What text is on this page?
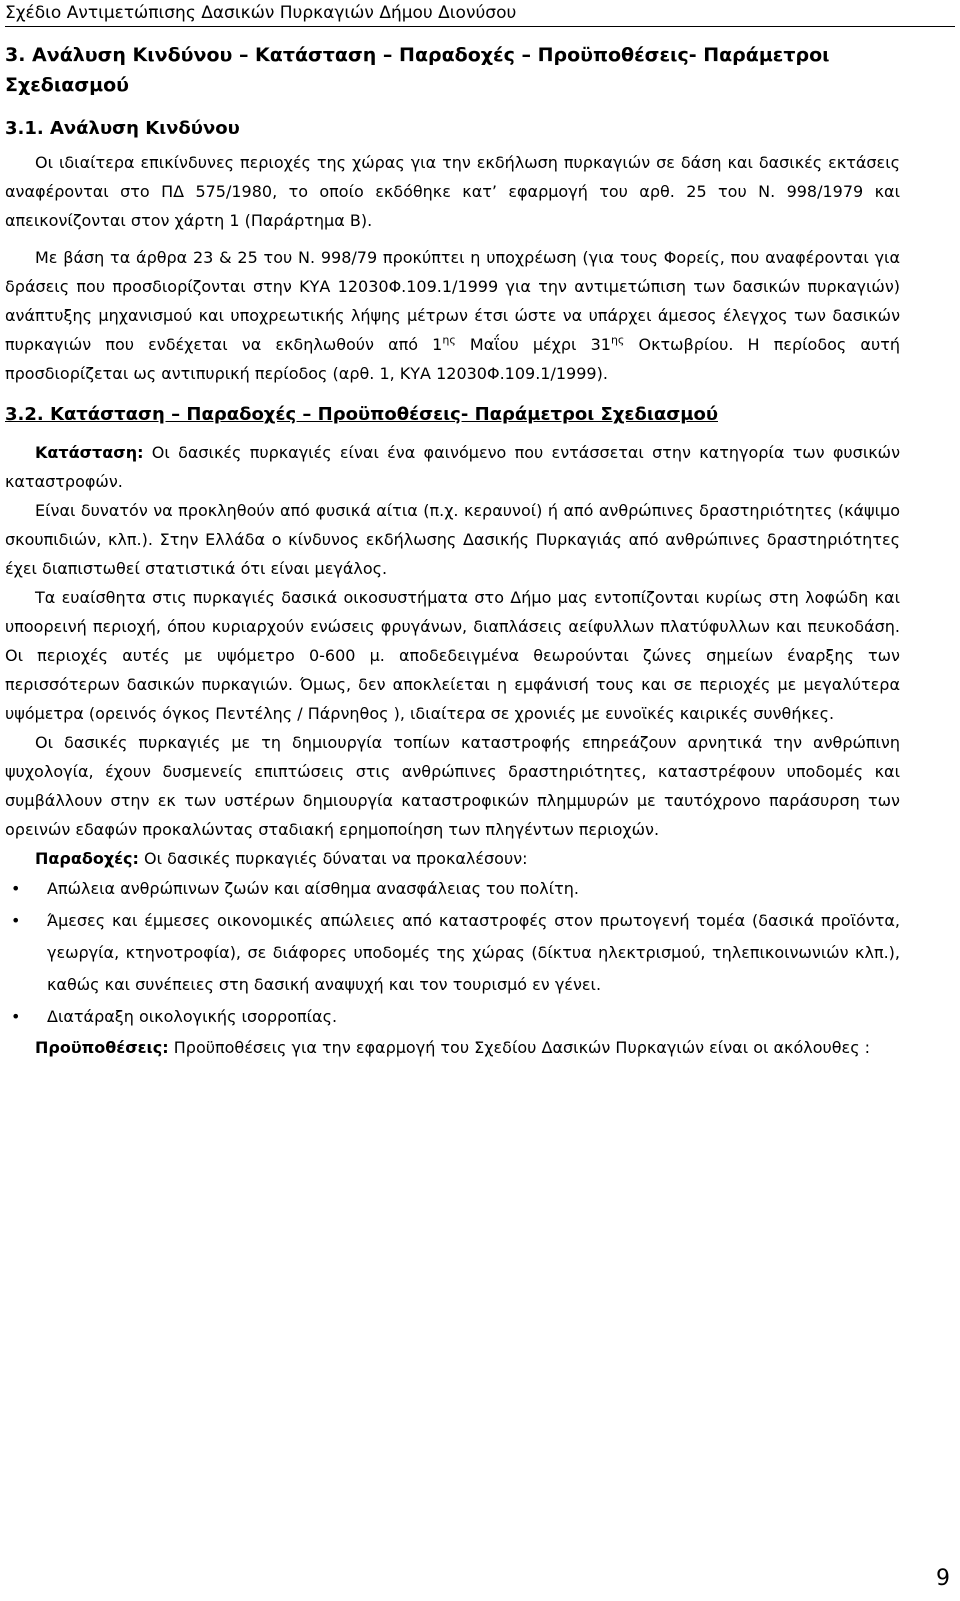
Σχέδιο Αντιμετώπισης Δασικών Πυρκαγιών Δήμου Διονύσου
3. Ανάλυση Κινδύνου – Κατάσταση – Παραδοχές – Προϋποθέσεις- Παράμετροι Σχεδιασμού
3.1. Ανάλυση Κινδύνου

Οι ιδιαίτερα επικίνδυνες περιοχές της χώρας για την εκδήλωση πυρκαγιών σε δάση και δασικές εκτάσεις αναφέρονται στο ΠΔ 575/1980, το οποίο εκδόθηκε κατ’ εφαρμογή του αρθ. 25 του Ν. 998/1979 και απεικονίζονται στον χάρτη 1 (Παράρτημα Β).

Με βάση τα άρθρα 23 & 25 του Ν. 998/79 προκύπτει η υποχρέωση (για τους Φορείς, που αναφέρονται για δράσεις που προσδιορίζονται στην ΚΥΑ 12030Φ.109.1/1999 για την αντιμετώπιση των δασικών πυρκαγιών) ανάπτυξης μηχανισμού και υποχρεωτικής λήψης μέτρων έτσι ώστε να υπάρχει άμεσος έλεγχος των δασικών πυρκαγιών που ενδέχεται να εκδηλωθούν από $1^{\eta\varsigma}$ Μαΐου μέχρι $31^{\eta\varsigma}$ Οκτωβρίου. Η περίοδος αυτή προσδιορίζεται ως αντιπυρική περίοδος (αρθ. 1, ΚΥΑ 12030Φ.109.1/1999).

3.2. Κατάσταση – Παραδοχές – Προϋποθέσεις- Παράμετροι Σχεδιασμού

Κατάσταση: Οι δασικές πυρκαγιές είναι ένα φαινόμενο που εντάσσεται στην κατηγορία των φυσικών καταστροφών.

Είναι δυνατόν να προκληθούν από φυσικά αίτια (π.χ. κεραυνοί) ή από ανθρώπινες δραστηριότητες (κάψιμο σκουπιδιών, κλπ.). Στην Ελλάδα ο κίνδυνος εκδήλωσης Δασικής Πυρκαγιάς από ανθρώπινες δραστηριότητες έχει διαπιστωθεί στατιστικά ότι είναι μεγάλος.

Τα ευαίσθητα στις πυρκαγιές δασικά οικοσυστήματα στο Δήμο μας εντοπίζονται κυρίως στη λοφώδη και υποορεινή περιοχή, όπου κυριαρχούν ενώσεις φρυγάνων, διαπλάσεις αείφυλλων πλατύφυλλων και πευκοδάση. Οι περιοχές αυτές με υψόμετρο 0-600 μ. αποδεδειγμένα θεωρούνται ζώνες σημείων έναρξης των περισσότερων δασικών πυρκαγιών. Όμως, δεν αποκλείεται η εμφάνισή τους και σε περιοχές με μεγαλύτερα υψόμετρα (ορεινός όγκος Πεντέλης / Πάρνηθος ), ιδιαίτερα σε χρονιές με ευνοϊκές καιρικές συνθήκες.

Οι δασικές πυρκαγιές με τη δημιουργία τοπίων καταστροφής επηρεάζουν αρνητικά την ανθρώπινη ψυχολογία, έχουν δυσμενείς επιπτώσεις στις ανθρώπινες δραστηριότητες, καταστρέφουν υποδομές και συμβάλλουν στην εκ των υστέρων δημιουργία καταστροφικών πλημμυρών με ταυτόχρονο παράσυρση των ορεινών εδαφών προκαλώντας σταδιακή ερημοποίηση των πληγέντων περιοχών.

Παραδοχές: Οι δασικές πυρκαγιές δύναται να προκαλέσουν:

• Απώλεια ανθρώπινων ζωών και αίσθημα ανασφάλειας του πολίτη.
• Άμεσες και έμμεσες οικονομικές απώλειες από καταστροφές στον πρωτογενή τομέα (δασικά προϊόντα, γεωργία, κτηνοτροφία), σε διάφορες υποδομές της χώρας (δίκτυα ηλεκτρισμού, τηλεπικοινωνιών κλπ.), καθώς και συνέπειες στη δασική αναψυχή και τον τουρισμό εν γένει.
• Διατάραξη οικολογικής ισορροπίας.

Προϋποθέσεις: Προϋποθέσεις για την εφαρμογή του Σχεδίου Δασικών Πυρκαγιών είναι οι ακόλουθες :

9
